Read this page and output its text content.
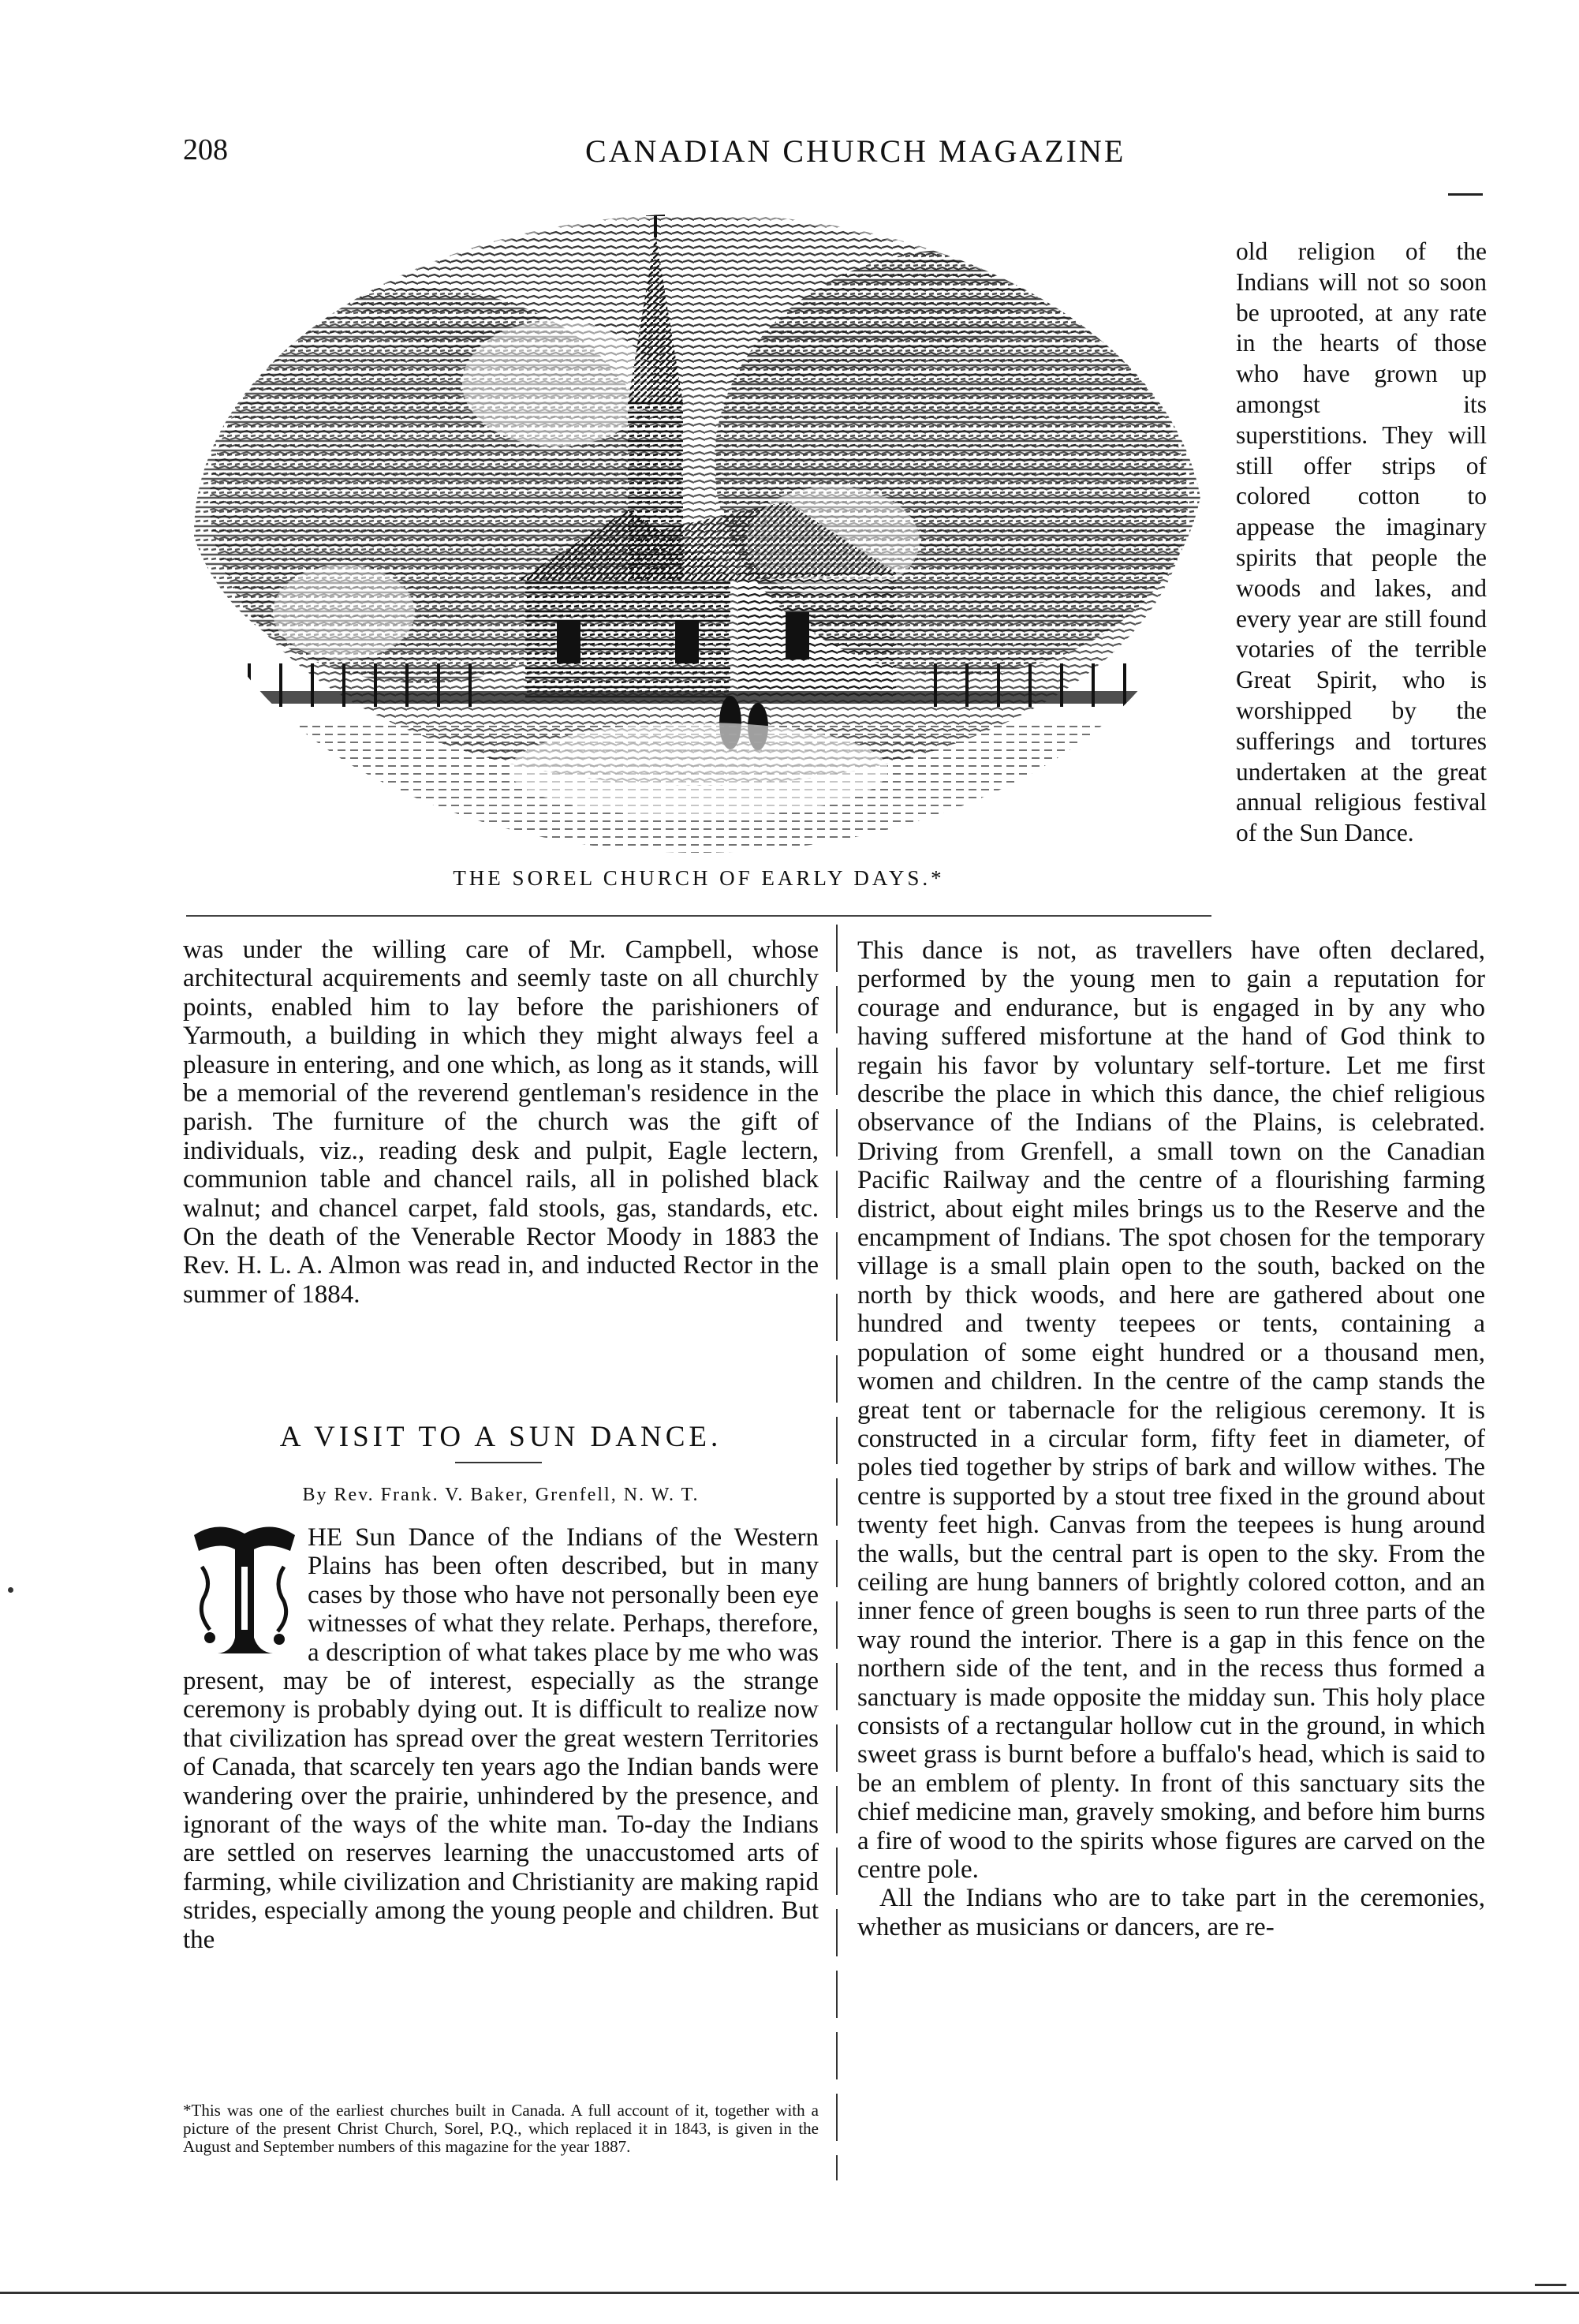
208	CANADIAN CHURCH MAGAZINE
THE SOREL CHURCH OF EARLY DAYS.*

old religion of the Indians will not so soon be uprooted, at any rate in the hearts of those who have grown up amongst its superstitions. They will still offer strips of colored cotton to appease the imaginary spirits that people the woods and lakes, and every year are still found votaries of the terrible Great Spirit, who is worshipped by the sufferings and tortures undertaken at the great annual religious festival of the Sun Dance.

was under the willing care of Mr. Campbell, whose architectural acquirements and seemly taste on all churchly points, enabled him to lay before the parishioners of Yarmouth, a building in which they might always feel a pleasure in entering, and one which, as long as it stands, will be a memorial of the reverend gentleman's residence in the parish. The furniture of the church was the gift of individuals, viz., reading desk and pulpit, Eagle lectern, communion table and chancel rails, all in polished black walnut; and chancel carpet, fald stools, gas, standards, etc. On the death of the Venerable Rector Moody in 1883 the Rev. H. L. A. Almon was read in, and inducted Rector in the summer of 1884.

A VISIT TO A SUN DANCE.
By Rev. Frank. V. Baker, Grenfell, N. W. T.

HE Sun Dance of the Indians of the Western Plains has been often described, but in many cases by those who have not personally been eye witnesses of what they relate. Perhaps, therefore, a description of what takes place by me who was present, may be of interest, especially as the strange ceremony is probably dying out. It is difficult to realize now that civilization has spread over the great western Territories of Canada, that scarcely ten years ago the Indian bands were wandering over the prairie, unhindered by the presence, and ignorant of the ways of the white man. To-day the Indians are settled on reserves learning the unaccustomed arts of farming, while civilization and Christianity are making rapid strides, especially among the young people and children. But the

*This was one of the earliest churches built in Canada. A full account of it, together with a picture of the present Christ Church, Sorel, P.Q., which replaced it in 1843, is given in the August and September numbers of this magazine for the year 1887.

This dance is not, as travellers have often declared, performed by the young men to gain a reputation for courage and endurance, but is engaged in by any who having suffered misfortune at the hand of God think to regain his favor by voluntary self-torture. Let me first describe the place in which this dance, the chief religious observance of the Indians of the Plains, is celebrated. Driving from Grenfell, a small town on the Canadian Pacific Railway and the centre of a flourishing farming district, about eight miles brings us to the Reserve and the encampment of Indians. The spot chosen for the temporary village is a small plain open to the south, backed on the north by thick woods, and here are gathered about one hundred and twenty teepees or tents, containing a population of some eight hundred or a thousand men, women and children. In the centre of the camp stands the great tent or tabernacle for the religious ceremony. It is constructed in a circular form, fifty feet in diameter, of poles tied together by strips of bark and willow withes. The centre is supported by a stout tree fixed in the ground about twenty feet high. Canvas from the teepees is hung around the walls, but the central part is open to the sky. From the ceiling are hung banners of brightly colored cotton, and an inner fence of green boughs is seen to run three parts of the way round the interior. There is a gap in this fence on the northern side of the tent, and in the recess thus formed a sanctuary is made opposite the midday sun. This holy place consists of a rectangular hollow cut in the ground, in which sweet grass is burnt before a buffalo's head, which is said to be an emblem of plenty. In front of this sanctuary sits the chief medicine man, gravely smoking, and before him burns a fire of wood to the spirits whose figures are carved on the centre pole.

All the Indians who are to take part in the ceremonies, whether as musicians or dancers, are re-
